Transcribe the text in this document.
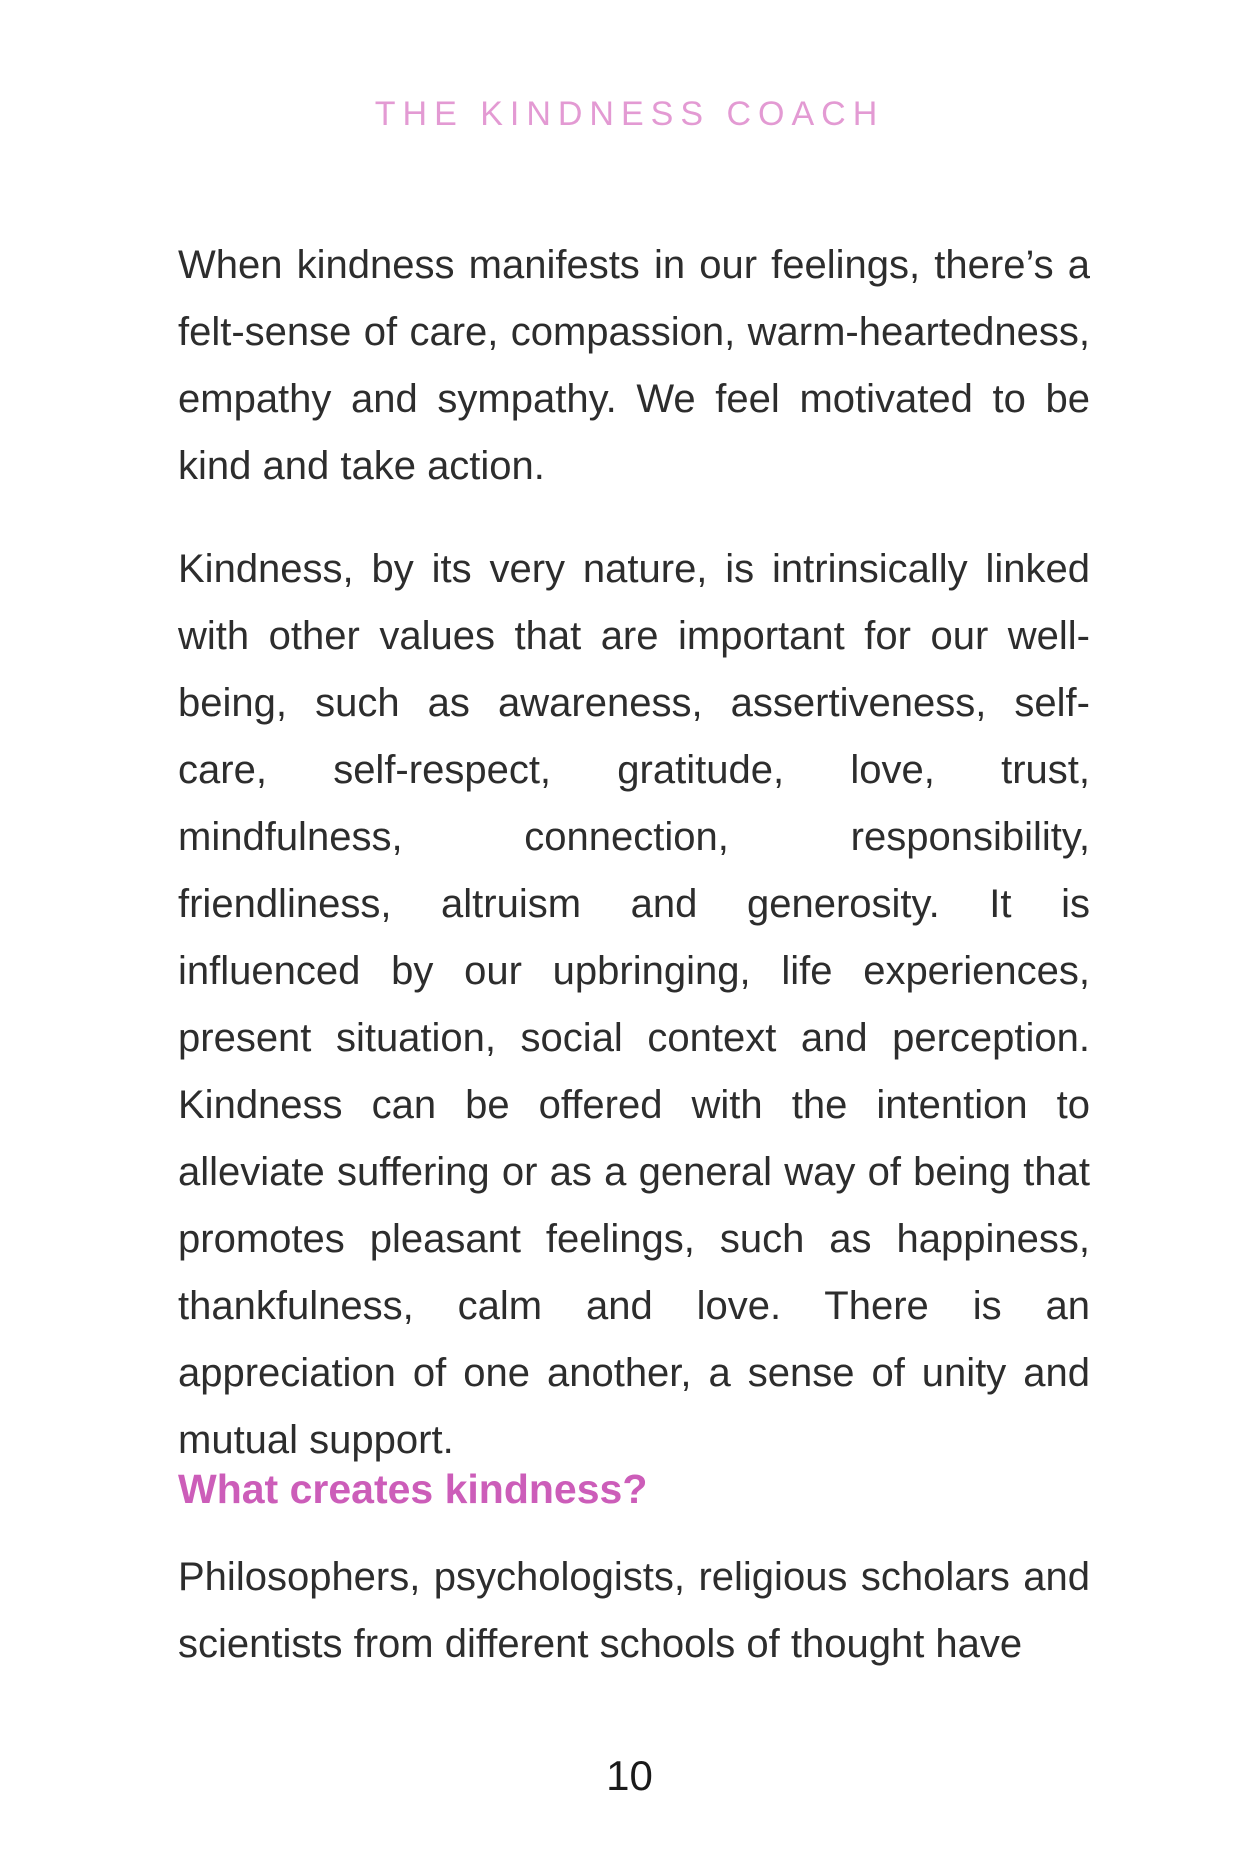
THE KINDNESS COACH

When kindness manifests in our feelings, there’s a felt-sense of care, compassion, warm-heartedness, empathy and sympathy. We feel motivated to be kind and take action.

Kindness, by its very nature, is intrinsically linked with other values that are important for our well-being, such as awareness, assertiveness, self-care, self-respect, gratitude, love, trust, mindfulness, connection, responsibility, friendliness, altruism and generosity. It is influenced by our upbringing, life experiences, present situation, social context and perception. Kindness can be offered with the intention to alleviate suffering or as a general way of being that promotes pleasant feelings, such as happiness, thankfulness, calm and love. There is an appreciation of one another, a sense of unity and mutual support.

What creates kindness?

Philosophers, psychologists, religious scholars and scientists from different schools of thought have

10
